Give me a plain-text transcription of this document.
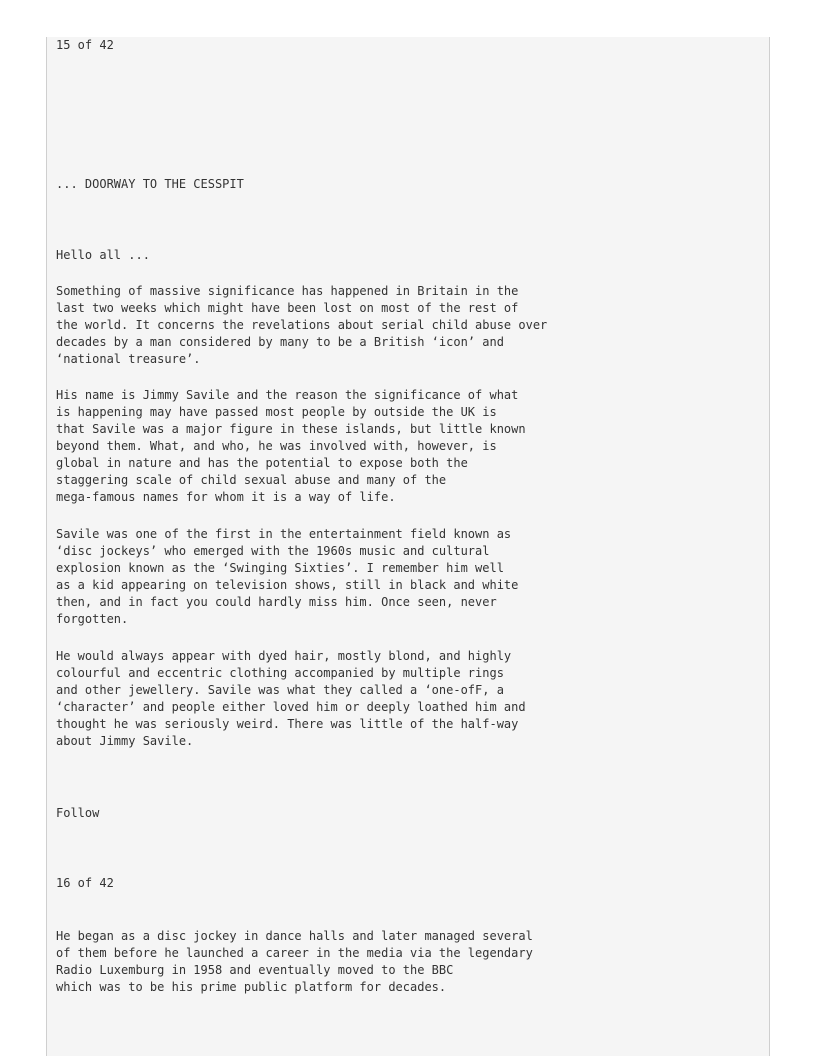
15 of 42

... DOORWAY TO THE CESSPIT

Hello all ...

Something of massive significance has happened in Britain in the

last two weeks which might have been lost on most of the rest of

the world. It concerns the revelations about serial child abuse over

decades by a man considered by many to be a British ‘icon’ and

‘national treasure’.

His name is Jimmy Savile and the reason the significance of what

is happening may have passed most people by outside the UK is

that Savile was a major figure in these islands, but little known

beyond them. What, and who, he was involved with, however, is

global in nature and has the potential to expose both the

staggering scale of child sexual abuse and many of the

mega-famous names for whom it is a way of life.

Savile was one of the first in the entertainment field known as

‘disc jockeys’ who emerged with the 1960s music and cultural

explosion known as the ‘Swinging Sixties’. I remember him well

as a kid appearing on television shows, still in black and white

then, and in fact you could hardly miss him. Once seen, never

forgotten.

He would always appear with dyed hair, mostly blond, and highly

colourful and eccentric clothing accompanied by multiple rings

and other jewellery. Savile was what they called a ‘one-ofF, a

‘character’ and people either loved him or deeply loathed him and

thought he was seriously weird. There was little of the half-way

about Jimmy Savile.

Follow

16 of 42

He began as a disc jockey in dance halls and later managed several

of them before he launched a career in the media via the legendary

Radio Luxemburg in 1958 and eventually moved to the BBC

which was to be his prime public platform for decades.
